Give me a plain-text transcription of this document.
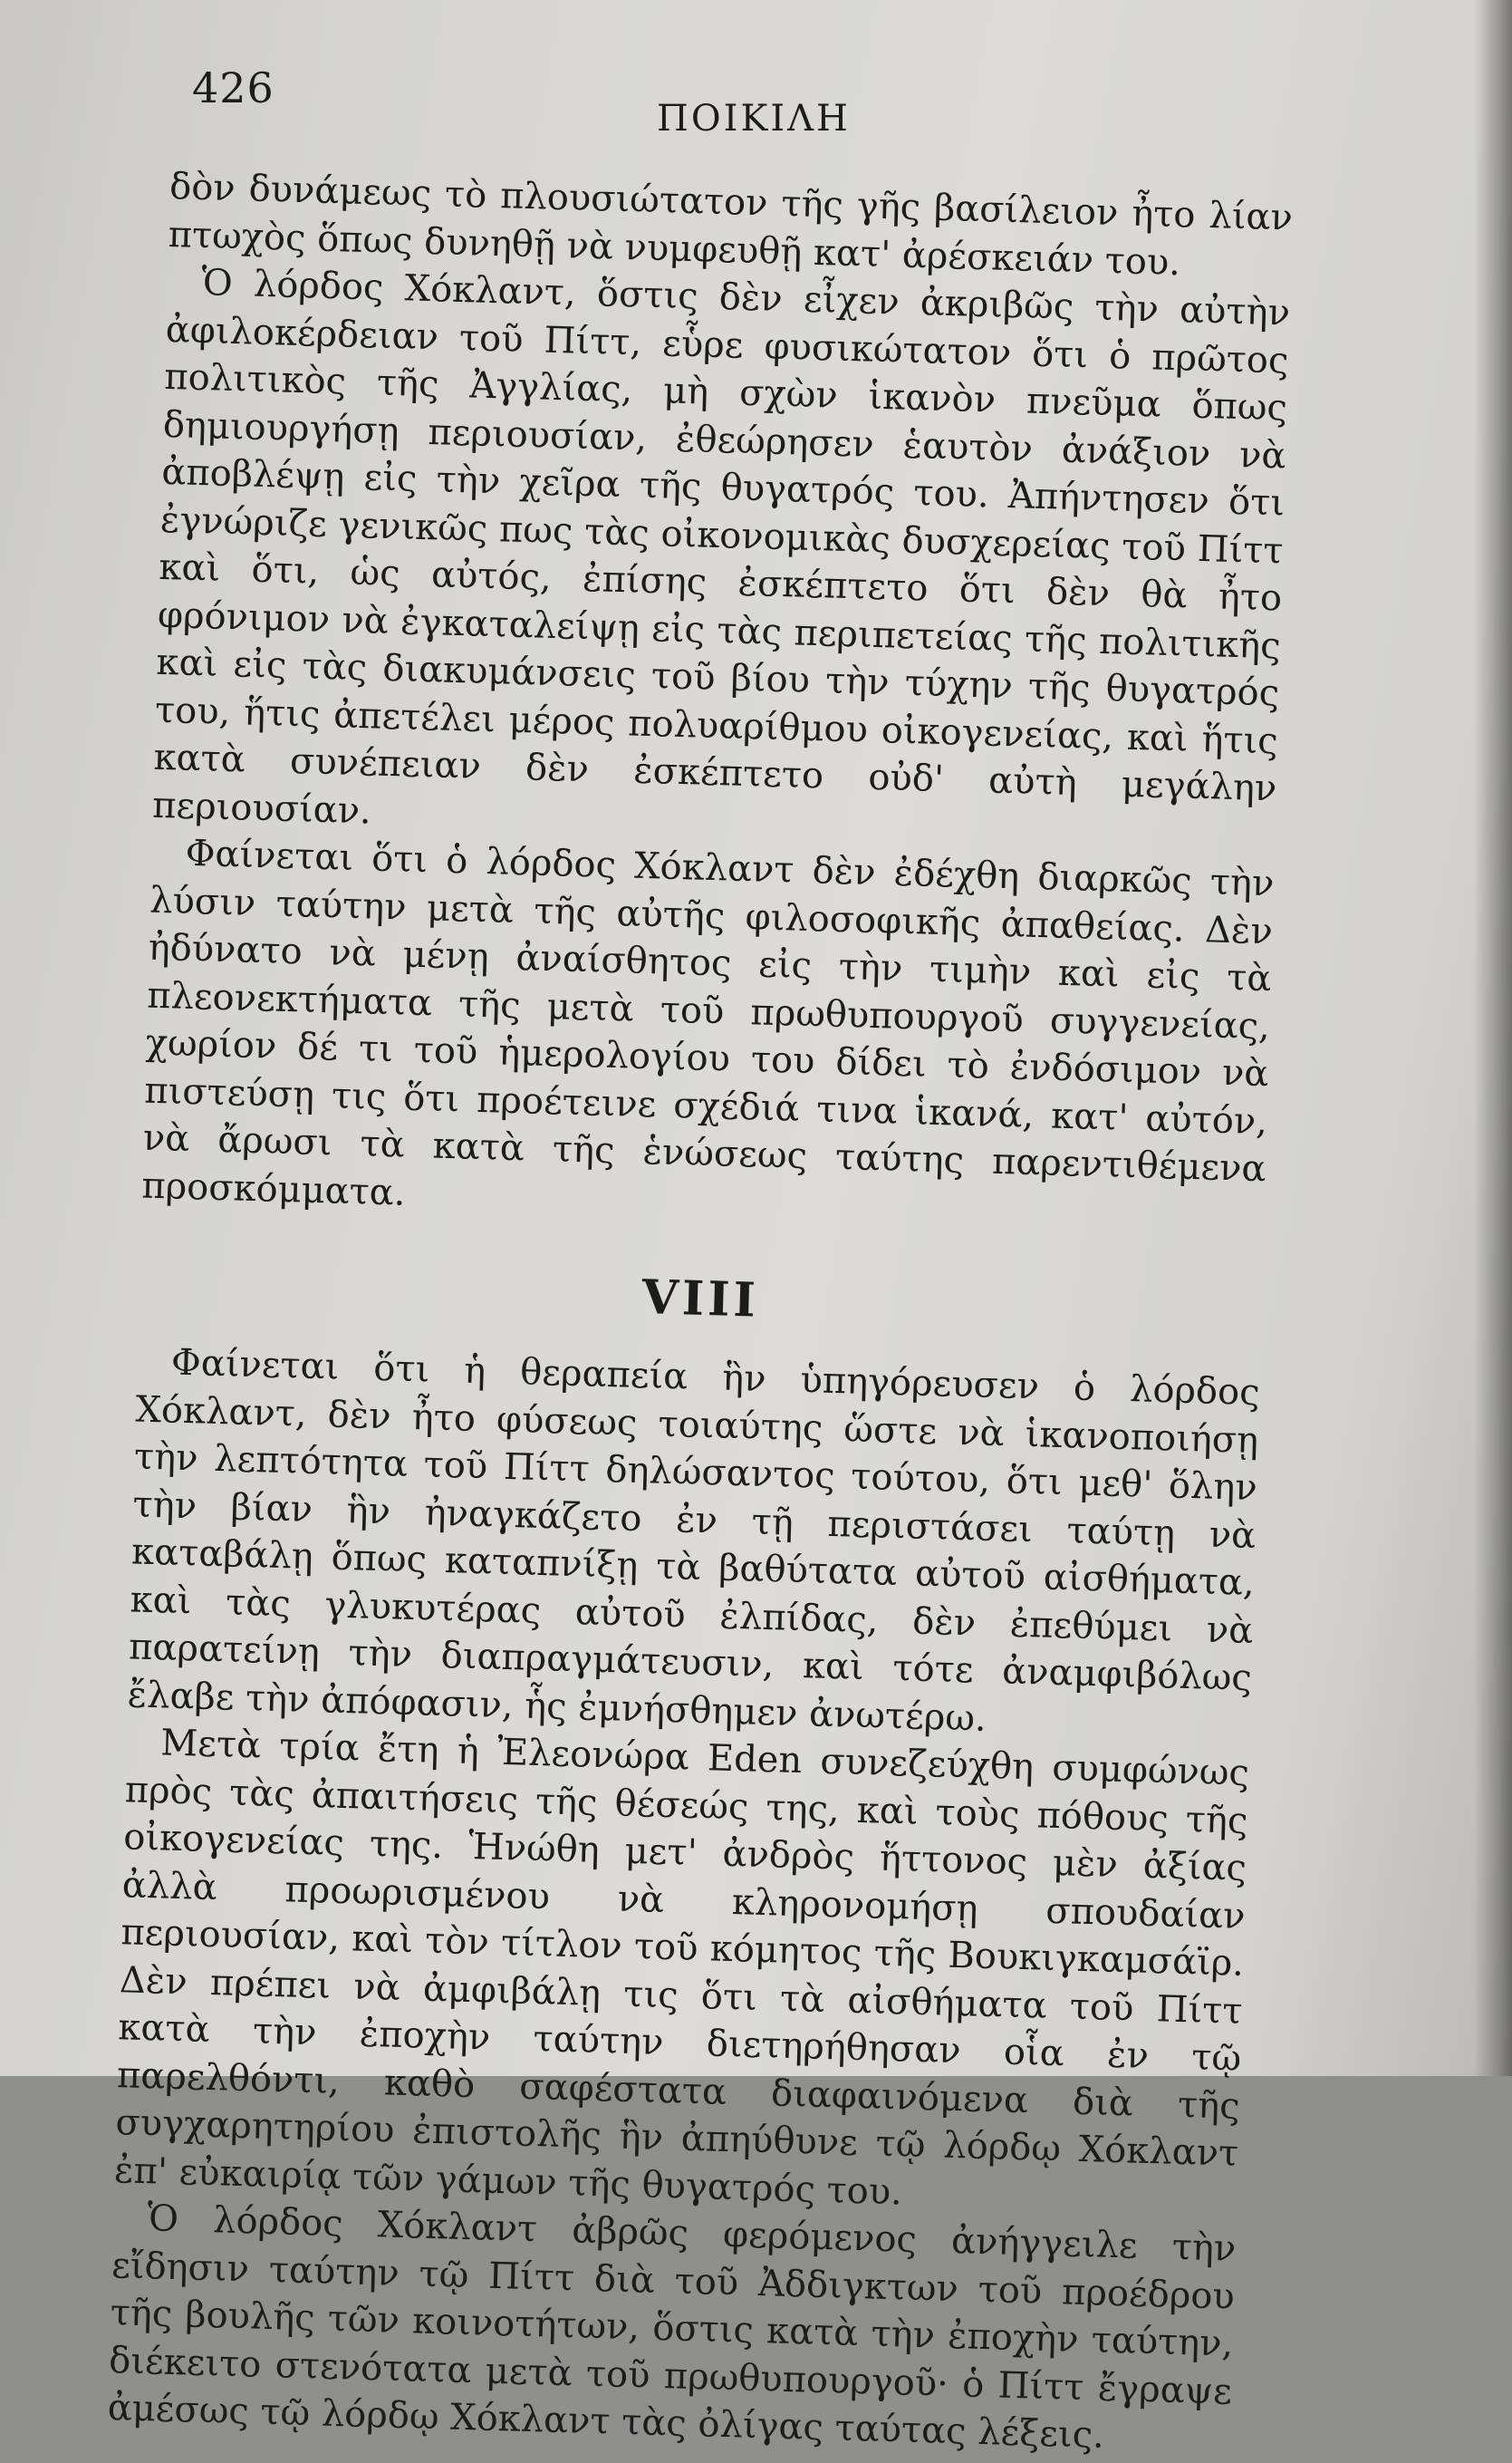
426
ΠΟΙΚΙΛΗ

δὸν δυνάμεως τὸ πλουσιώτατον τῆς γῆς βασίλειον ἦτο λίαν πτωχὸς ὅπως δυνηθῇ νὰ νυμφευθῇ κατ' ἀρέσκειάν του.

Ὁ λόρδος Χόκλαντ, ὅστις δὲν εἶχεν ἀκριβῶς τὴν αὐτὴν ἀφιλοκέρδειαν τοῦ Πίττ, εὗρε φυσικώτατον ὅτι ὁ πρῶτος πολιτικὸς τῆς Ἀγγλίας, μὴ σχὼν ἱκανὸν πνεῦμα ὅπως δημιουργήσῃ περιουσίαν, ἐθεώρησεν ἑαυτὸν ἀνάξιον νὰ ἀποβλέψῃ εἰς τὴν χεῖρα τῆς θυγατρός του. Ἀπήντησεν ὅτι ἐγνώριζε γενικῶς πως τὰς οἰκονομικὰς δυσχερείας τοῦ Πίττ καὶ ὅτι, ὡς αὐτός, ἐπίσης ἐσκέπτετο ὅτι δὲν θὰ ἦτο φρόνιμον νὰ ἐγκαταλείψῃ εἰς τὰς περιπετείας τῆς πολιτικῆς καὶ εἰς τὰς διακυμάνσεις τοῦ βίου τὴν τύχην τῆς θυγατρός του, ἥτις ἀπετέλει μέρος πολυαρίθμου οἰκογενείας, καὶ ἥτις κατὰ συνέπειαν δὲν ἐσκέπτετο οὐδ' αὐτὴ μεγάλην περιουσίαν.

Φαίνεται ὅτι ὁ λόρδος Χόκλαντ δὲν ἐδέχθη διαρκῶς τὴν λύσιν ταύτην μετὰ τῆς αὐτῆς φιλοσοφικῆς ἀπαθείας. Δὲν ἠδύνατο νὰ μένῃ ἀναίσθητος εἰς τὴν τιμὴν καὶ εἰς τὰ πλεονεκτήματα τῆς μετὰ τοῦ πρωθυπουργοῦ συγγενείας, χωρίον δέ τι τοῦ ἡμερολογίου του δίδει τὸ ἐνδόσιμον νὰ πιστεύσῃ τις ὅτι προέτεινε σχέδιά τινα ἱκανά, κατ' αὐτόν, νὰ ἄρωσι τὰ κατὰ τῆς ἑνώσεως ταύτης παρεντιθέμενα προσκόμματα.

VIII

Φαίνεται ὅτι ἡ θεραπεία ἣν ὑπηγόρευσεν ὁ λόρδος Χόκλαντ, δὲν ἦτο φύσεως τοιαύτης ὥστε νὰ ἱκανοποιήσῃ τὴν λεπτότητα τοῦ Πίττ δηλώσαντος τούτου, ὅτι μεθ' ὅλην τὴν βίαν ἣν ἠναγκάζετο ἐν τῇ περιστάσει ταύτῃ νὰ καταβάλῃ ὅπως καταπνίξῃ τὰ βαθύτατα αὐτοῦ αἰσθήματα, καὶ τὰς γλυκυτέρας αὐτοῦ ἐλπίδας, δὲν ἐπεθύμει νὰ παρατείνῃ τὴν διαπραγμάτευσιν, καὶ τότε ἀναμφιβόλως ἔλαβε τὴν ἀπόφασιν, ἧς ἐμνήσθημεν ἀνωτέρω.

Μετὰ τρία ἔτη ἡ Ἐλεονώρα Eden συνεζεύχθη συμφώνως πρὸς τὰς ἀπαιτήσεις τῆς θέσεώς της, καὶ τοὺς πόθους τῆς οἰκογενείας της. Ἡνώθη μετ' ἀνδρὸς ἥττονος μὲν ἀξίας ἀλλὰ προωρισμένου νὰ κληρονομήσῃ σπουδαίαν περιουσίαν, καὶ τὸν τίτλον τοῦ κόμητος τῆς Βουκιγκαμσάϊρ. Δὲν πρέπει νὰ ἀμφιβάλῃ τις ὅτι τὰ αἰσθήματα τοῦ Πίττ κατὰ τὴν ἐποχὴν ταύτην διετηρήθησαν οἷα ἐν τῷ παρελθόντι, καθὸ σαφέστατα διαφαινόμενα διὰ τῆς συγχαρητηρίου ἐπιστολῆς ἣν ἀπηύθυνε τῷ λόρδῳ Χόκλαντ ἐπ' εὐκαιρίᾳ τῶν γάμων τῆς θυγατρός του.

Ὁ λόρδος Χόκλαντ ἀβρῶς φερόμενος ἀνήγγειλε τὴν εἴδησιν ταύτην τῷ Πίττ διὰ τοῦ Ἀδδιγκτων τοῦ προέδρου τῆς βουλῆς τῶν κοινοτήτων, ὅστις κατὰ τὴν ἐποχὴν ταύτην, διέκειτο στενότατα μετὰ τοῦ πρωθυπουργοῦ· ὁ Πίττ ἔγραψε ἀμέσως τῷ λόρδῳ Χόκλαντ τὰς ὀλίγας ταύτας λέξεις.
